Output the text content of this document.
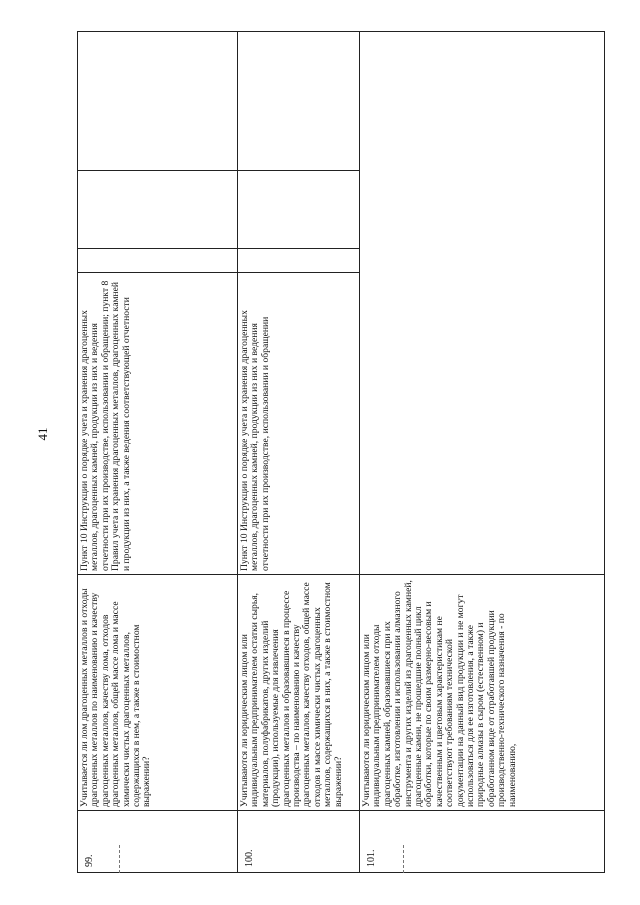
41
99.
Учитывается ли лом драгоценных металлов и отходы драгоценных металлов по наименованию и качеству драгоценных металлов, качеству лома, отходов драгоценных металлов, общей массе лома и массе химически чистых драгоценных металлов, содержащихся в нем, а также в стоимостном выражении?
Пункт 10 Инструкции о порядке учета и хранения драгоценных металлов, драгоценных камней, продукции из них и ведения отчетности при их производстве, использовании и обращении; пункт 8 Правил учета и хранения драгоценных металлов, драгоценных камней и продукции из них, а также ведения соответствующей отчетности
100.
Учитываются ли юридическим лицом или индивидуальным предпринимателем остатки сырья, материалов, полуфабрикатов, других изделий (продукции), используемые для извлечения драгоценных металлов и образовавшиеся в процессе производства – по наименованию и качеству драгоценных металлов, качеству отходов, общей массе отходов и массе химически чистых драгоценных металлов, содержащихся в них, а также в стоимостном выражении?
Пункт 10 Инструкции о порядке учета и хранения драгоценных металлов, драгоценных камней, продукции из них и ведения отчетности при их производстве, использовании и обращении
101.
Учитываются ли юридическим лицом или индивидуальным предпринимателем отходы драгоценных камней, образовавшиеся при их обработке, изготовлении и использовании алмазного инструмента и других изделий из драгоценных камней, драгоценные камни, не прошедшие полный цикл обработки, которые по своим размерно-весовым и качественным и цветовым характеристикам не соответствуют требованиям технической документации на данный вид продукции и не могут использоваться для ее изготовления, а также природные алмазы в сыром (естественном) и обработанном виде от отработавшей продукции производственно-технического назначения - по наименованию,
